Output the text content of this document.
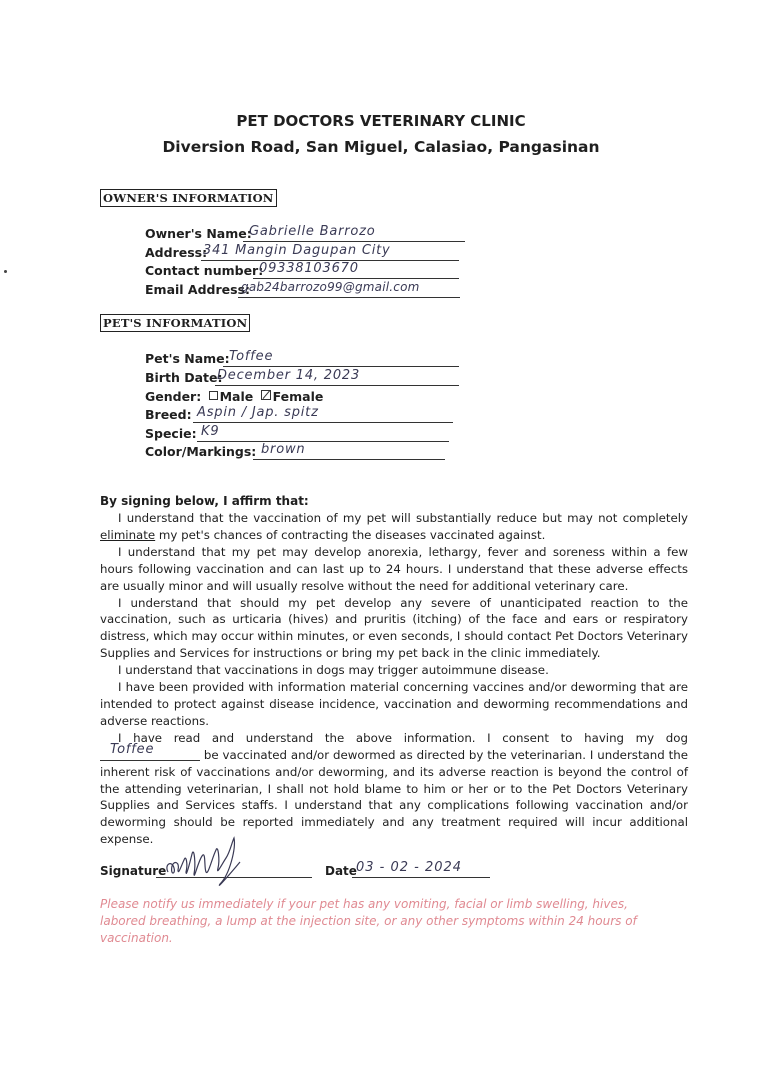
PET DOCTORS VETERINARY CLINIC
Diversion Road, San Miguel, Calasiao, Pangasinan
OWNER'S INFORMATION
Owner's Name:
Gabrielle Barrozo
Address:
341 Mangin Dagupan City
Contact number:
09338103670
Email Address:
gab24barrozo99@gmail.com
PET'S INFORMATION
Pet's Name: Toffee
Birth Date:
December 14, 2023
Gender: Male Female
Breed: Aspin / Jap. spitz
Specie: K9
Color/Markings: brown
By signing below, I affirm that:

I understand that the vaccination of my pet will substantially reduce but may not completely eliminate my pet's chances of contracting the diseases vaccinated against.

I understand that my pet may develop anorexia, lethargy, fever and soreness within a few hours following vaccination and can last up to 24 hours. I understand that these adverse effects are usually minor and will usually resolve without the need for additional veterinary care.

I understand that should my pet develop any severe of unanticipated reaction to the vaccination, such as urticaria (hives) and pruritis (itching) of the face and ears or respiratory distress, which may occur within minutes, or even seconds, I should contact Pet Doctors Veterinary Supplies and Services for instructions or bring my pet back in the clinic immediately.

I understand that vaccinations in dogs may trigger autoimmune disease.

I have been provided with information material concerning vaccines and/or deworming that are intended to protect against disease incidence, vaccination and deworming recommendations and adverse reactions.

I have read and understand the above information. I consent to having my dog
Toffee	be vaccinated and/or dewormed as directed by the veterinarian. I understand the inherent risk of vaccinations and/or deworming, and its adverse reaction is beyond the control of the attending veterinarian, I shall not hold blame to him or her or to the Pet Doctors Veterinary Supplies and Services staffs. I understand that any complications following vaccination and/or deworming should be reported immediately and any treatment required will incur additional expense.

Signature	Date 03 - 02 - 2024
Please notify us immediately if your pet has any vomiting, facial or limb swelling, hives, labored breathing, a lump at the injection site, or any other symptoms within 24 hours of vaccination.
